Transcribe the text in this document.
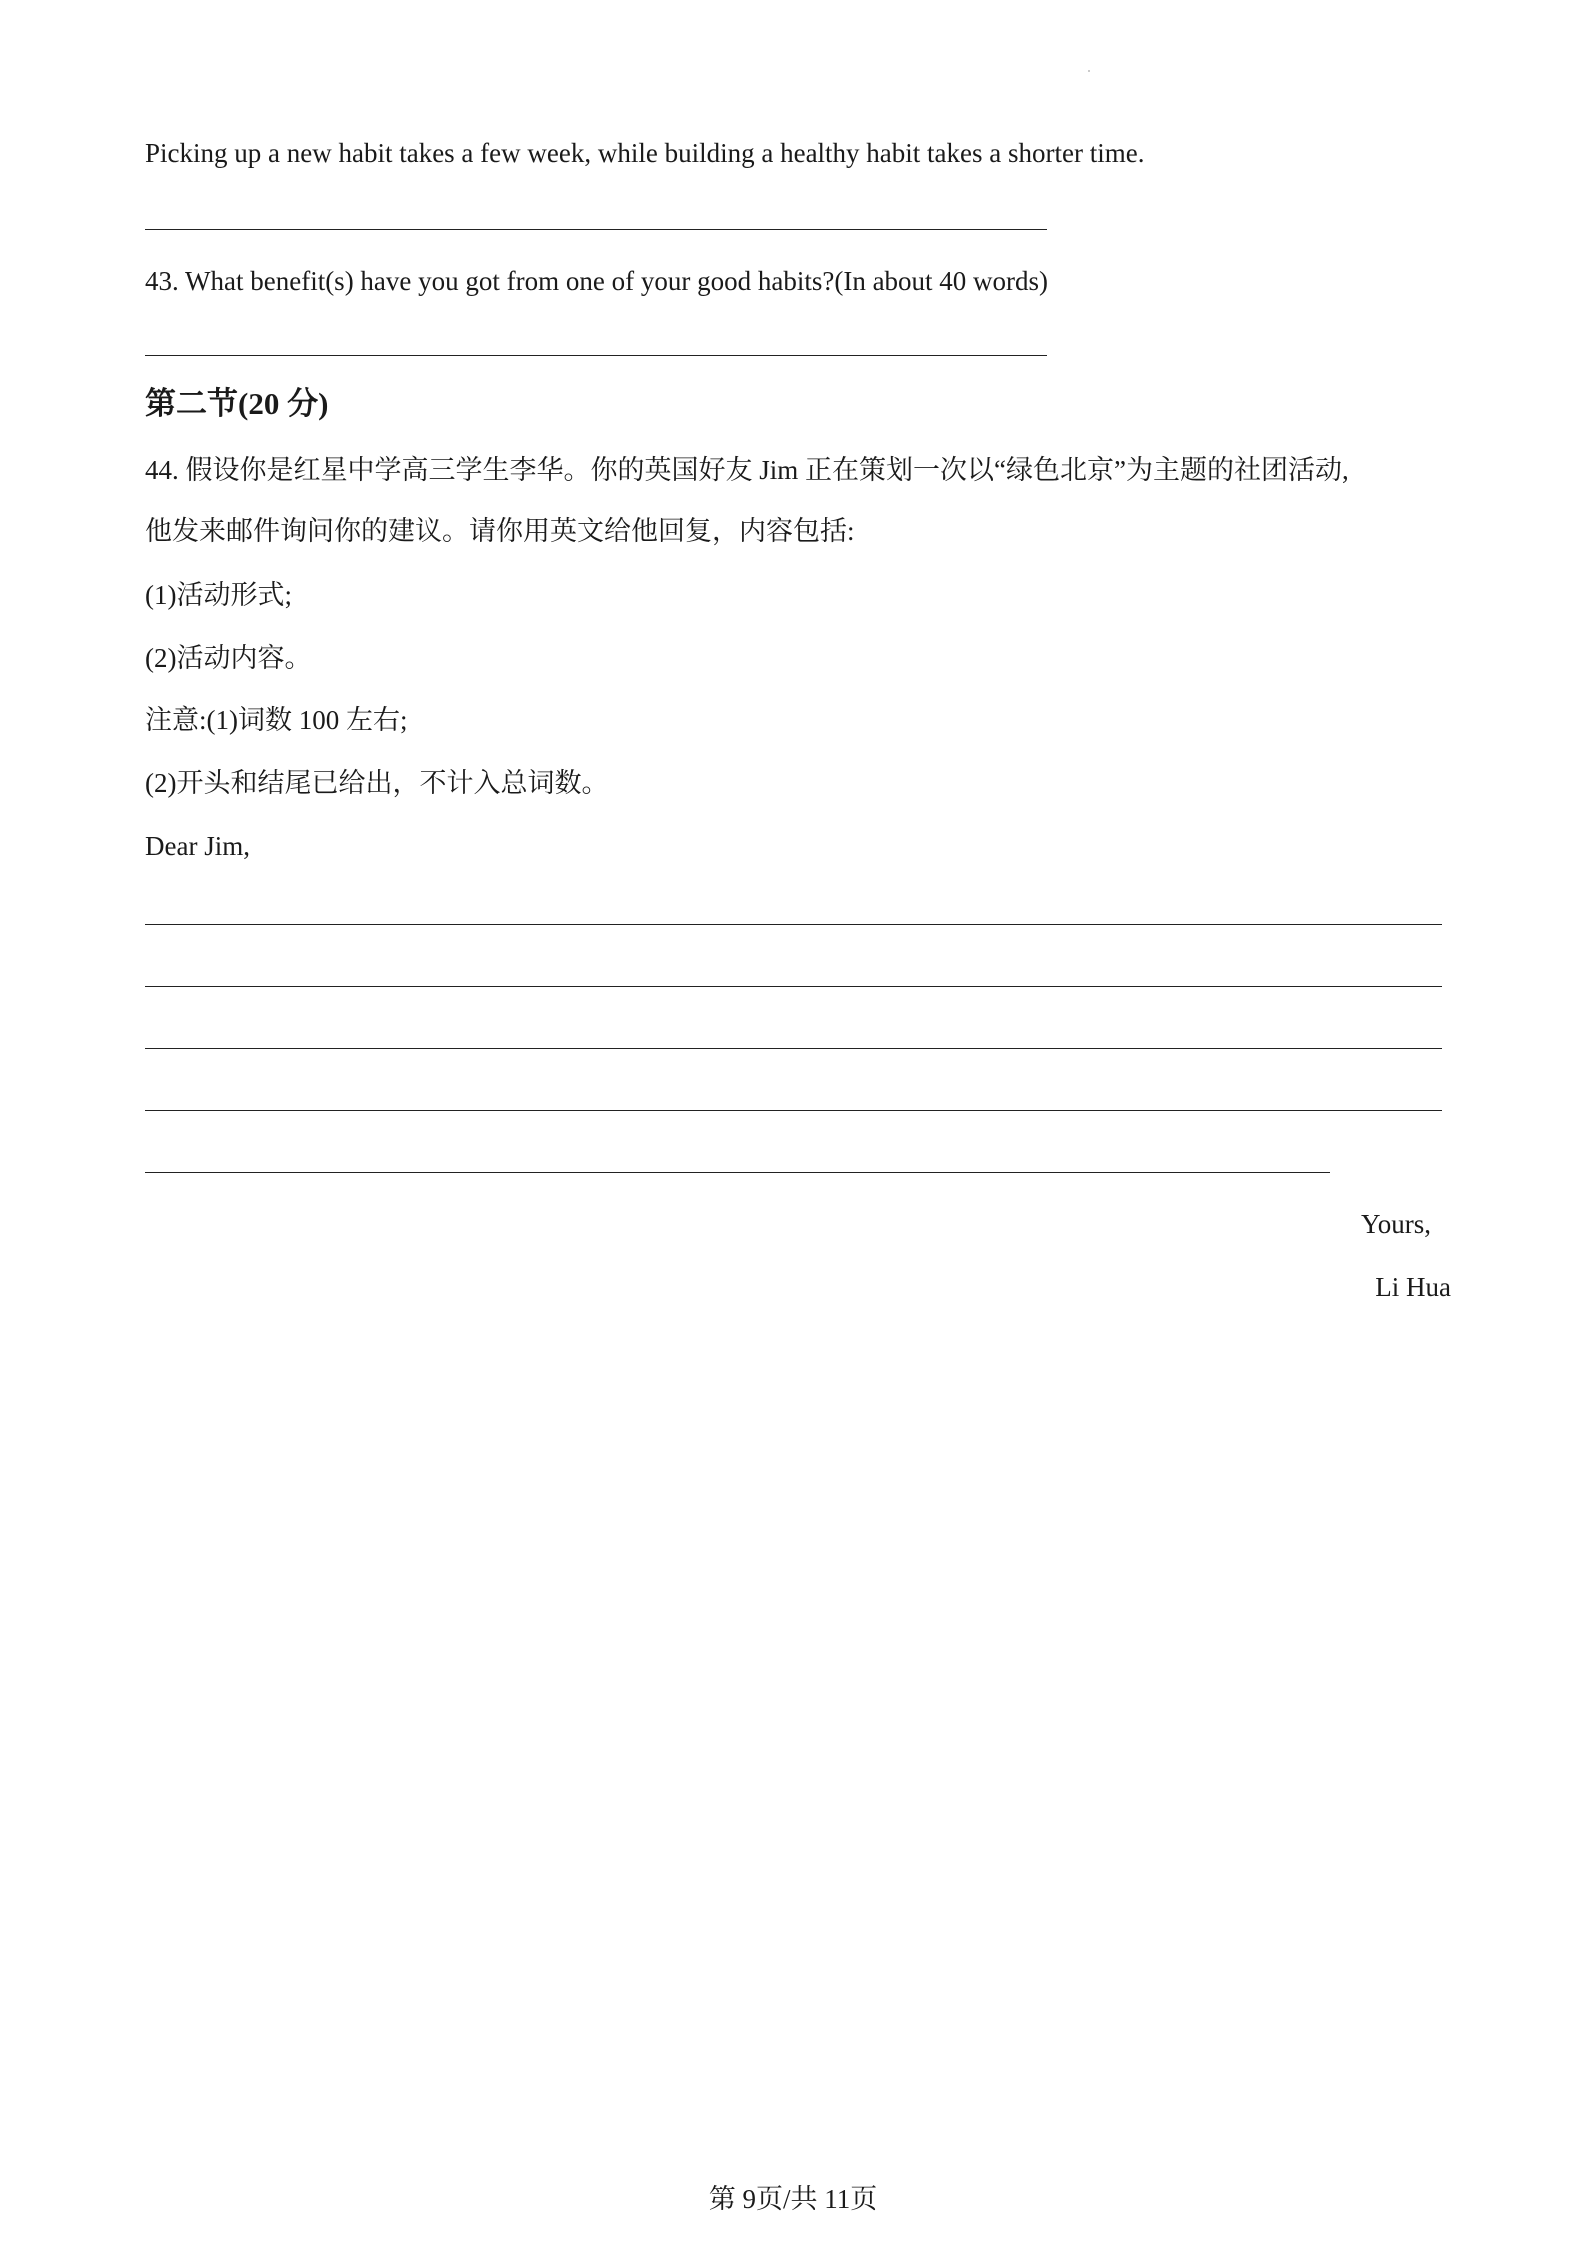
Picking up a new habit takes a few week, while building a healthy habit takes a shorter time.
43. What benefit(s) have you got from one of your good habits?(In about 40 words)
第二节(20 分)
44. 假设你是红星中学高三学生李华。你的英国好友 Jim 正在策划一次以“绿色北京”为主题的社团活动,
他发来邮件询问你的建议。请你用英文给他回复，内容包括:
(1)活动形式;
(2)活动内容。
注意:(1)词数 100 左右;
(2)开头和结尾已给出，不计入总词数。
Dear Jim,
Yours,
Li Hua
第 9页/共 11页
